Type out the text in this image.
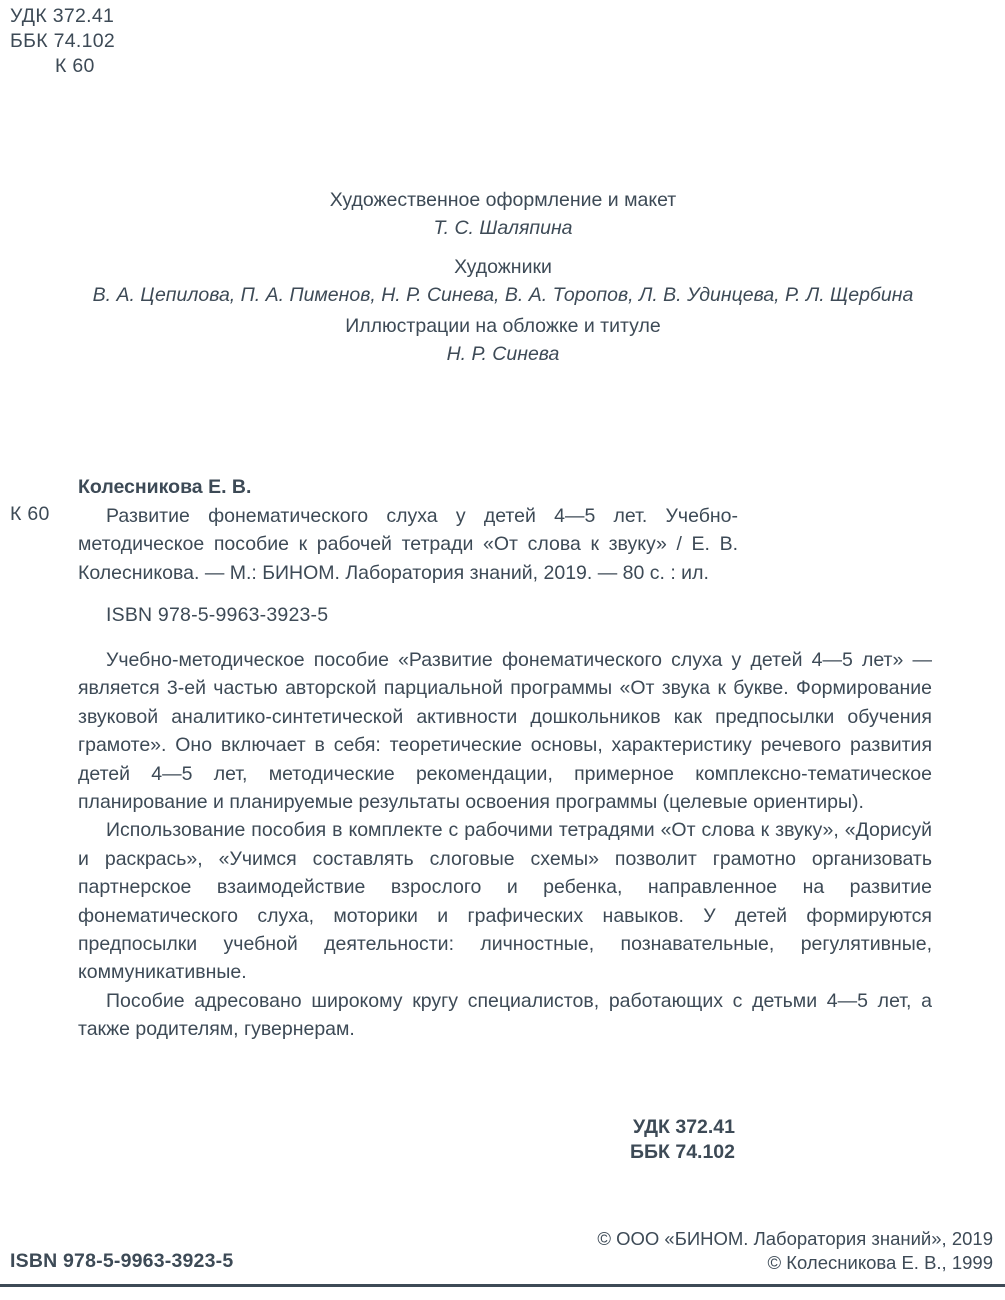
УДК 372.41
ББК 74.102
К 60
Художественное оформление и макет
Т. С. Шаляпина
Художники
В. А. Цепилова, П. А. Пименов, Н. Р. Синева, В. А. Торопов, Л. В. Удинцева, Р. Л. Щербина
Иллюстрации на обложке и титуле
Н. Р. Синева
К 60
Колесникова Е. В.

Развитие фонематического слуха у детей 4—5 лет. Учебно-методическое пособие к рабочей тетради «От слова к звуку» / Е. В. Колесникова. — М.: БИНОМ. Лаборатория знаний, 2019. — 80 с. : ил.

ISBN 978-5-9963-3923-5

Учебно-методическое пособие «Развитие фонематического слуха у детей 4—5 лет» — является 3-ей частью авторской парциальной программы «От звука к букве. Формирование звуковой аналитико-синтетической активности дошкольников как предпосылки обучения грамоте». Оно включает в себя: теоретические основы, характеристику речевого развития детей 4—5 лет, методические рекомендации, примерное комплексно-тематическое планирование и планируемые результаты освоения программы (целевые ориентиры).

Использование пособия в комплекте с рабочими тетрадями «От слова к звуку», «Дорисуй и раскрась», «Учимся составлять слоговые схемы» позволит грамотно организовать партнерское взаимодействие взрослого и ребенка, направленное на развитие фонематического слуха, моторики и графических навыков. У детей формируются предпосылки учебной деятельности: личностные, познавательные, регулятивные, коммуникативные.

Пособие адресовано широкому кругу специалистов, работающих с детьми 4—5 лет, а также родителям, гувернерам.

УДК 372.41
ББК 74.102
ISBN 978-5-9963-3923-5
© ООО «БИНОМ. Лаборатория знаний», 2019
© Колесникова Е. В., 1999
